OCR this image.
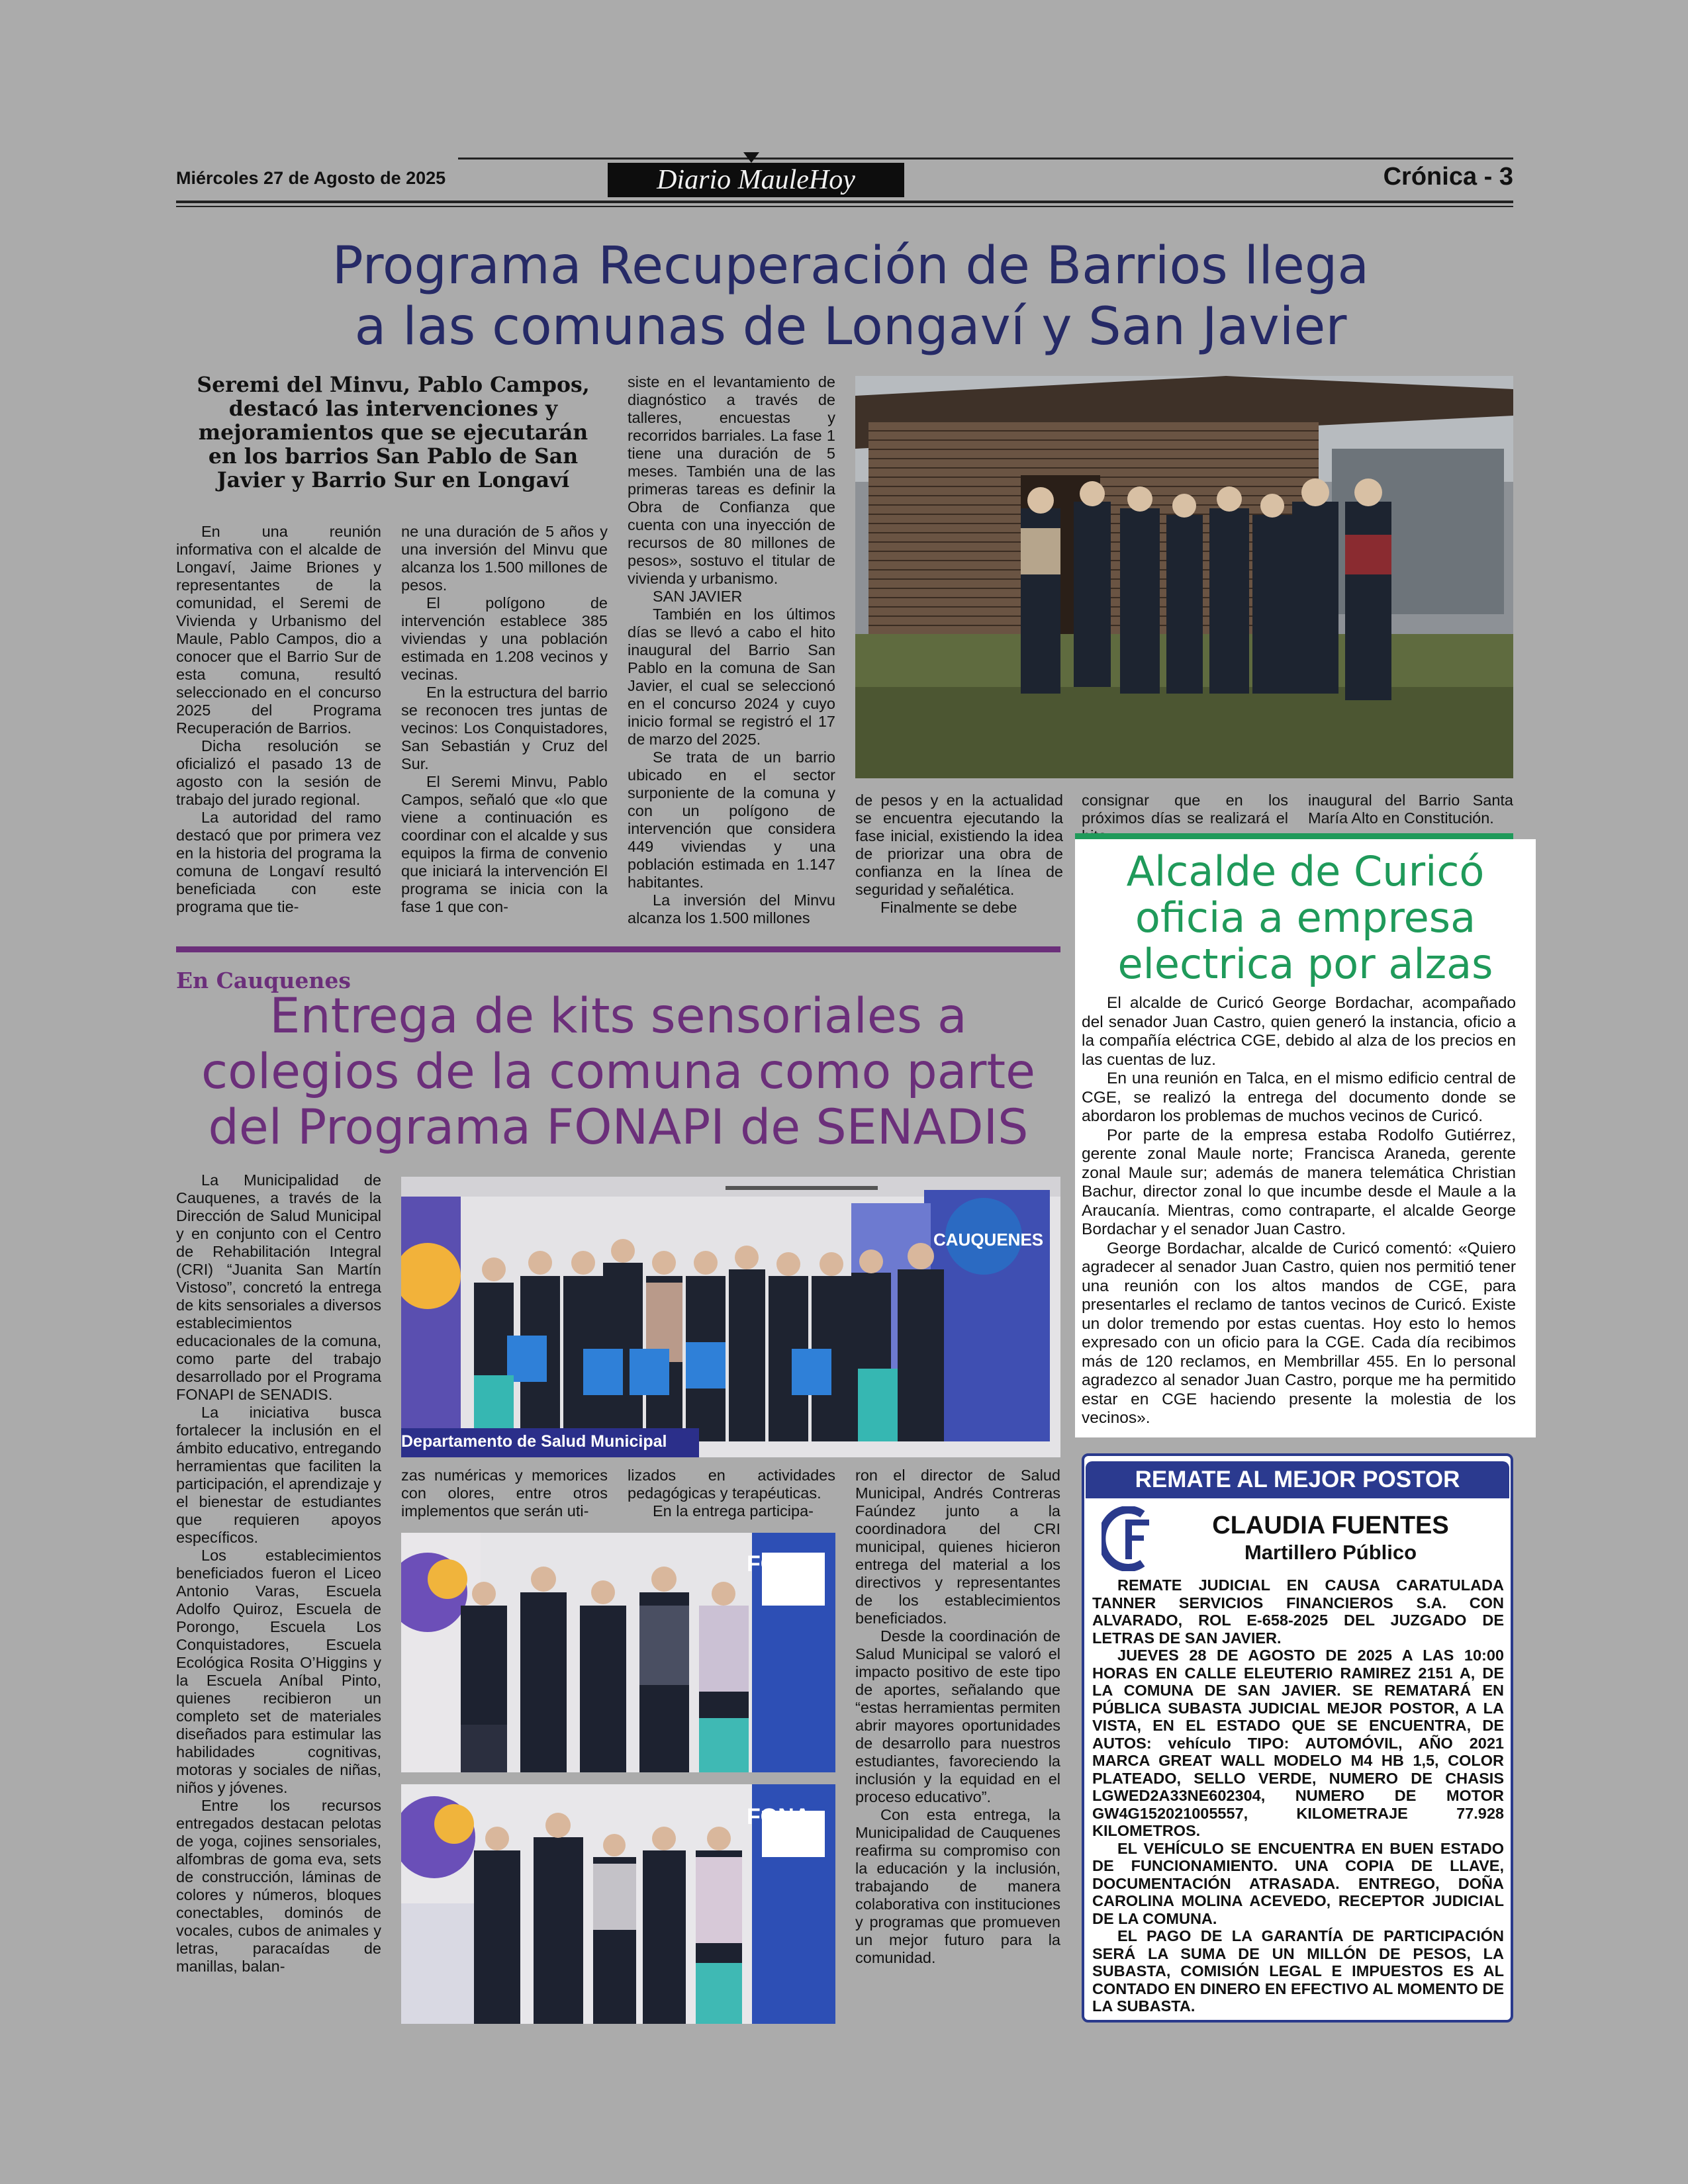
Miércoles 27 de Agosto de 2025	Diario MauleHoy	Crónica - 3
Programa Recuperación de Barrios llega
a las comunas de Longaví y San Javier
Seremi del Minvu, Pablo Campos,
destacó las intervenciones y
mejoramientos que se ejecutarán
en los barrios San Pablo de San
Javier y Barrio Sur en Longaví

En una reunión informativa con el alcalde de Longaví, Jaime Briones y representantes de la comunidad, el Seremi de Vivienda y Urbanismo del Maule, Pablo Campos, dio a conocer que el Barrio Sur de esta comuna, resultó seleccionado en el concurso 2025 del Programa Recuperación de Barrios.

Dicha resolución se oficializó el pasado 13 de agosto con la sesión de trabajo del jurado regional.

La autoridad del ramo destacó que por primera vez en la historia del programa la comuna de Longaví resultó beneficiada con este programa que tie-

ne una duración de 5 años y una inversión del Minvu que alcanza los 1.500 millones de pesos.

El polígono de intervención establece 385 viviendas y una población estimada en 1.208 vecinos y vecinas.

En la estructura del barrio se reconocen tres juntas de vecinos: Los Conquistadores, San Sebastián y Cruz del Sur.

El Seremi Minvu, Pablo Campos, señaló que «lo que viene a continuación es coordinar con el alcalde y sus equipos la firma de convenio que iniciará la intervención El programa se inicia con la fase 1 que con-

siste en el levantamiento de diagnóstico a través de talleres, encuestas y recorridos barriales. La fase 1 tiene una duración de 5 meses. También una de las primeras tareas es definir la Obra de Confianza que cuenta con una inyección de recursos de 80 millones de pesos», sostuvo el titular de vivienda y urbanismo.

SAN JAVIER

También en los últimos días se llevó a cabo el hito inaugural del Barrio San Pablo en la comuna de San Javier, el cual se seleccionó en el concurso 2024 y cuyo inicio formal se registró el 17 de marzo del 2025.

Se trata de un barrio ubicado en el sector surponiente de la comuna y con un polígono de intervención que considera 449 viviendas y una población estimada en 1.147 habitantes.

La inversión del Minvu alcanza los 1.500 millones

de pesos y en la actualidad se encuentra ejecutando la fase inicial, existiendo la idea de priorizar una obra de confianza en la línea de seguridad y señalética.

Finalmente se debe

consignar que en los próximos días se realizará el

inaugural del Barrio Santa María Alto en Constitución.

Alcalde de Curicó
oficia a empresa
electrica por alzas

El alcalde de Curicó George Bordachar, acompañado del senador Juan Castro, quien generó la instancia, oficio a la compañía eléctrica CGE, debido al alza de los precios en las cuentas de luz.

En una reunión en Talca, en el mismo edificio central de CGE, se realizó la entrega del documento donde se abordaron los problemas de muchos vecinos de Curicó.

Por parte de la empresa estaba Rodolfo Gutiérrez, gerente zonal Maule norte; Francisca Araneda, gerente zonal Maule sur; además de manera telemática Christian Bachur, director zonal lo que incumbe desde el Maule a la Araucanía. Mientras, como contraparte, el alcalde George Bordachar y el senador Juan Castro.

George Bordachar, alcalde de Curicó comentó: «Quiero agradecer al senador Juan Castro, quien nos permitió tener una reunión con los altos mandos de CGE, para presentarles el reclamo de tantos vecinos de Curicó. Existe un dolor tremendo por estas cuentas. Hoy esto lo hemos expresado con un oficio para la CGE. Cada día recibimos más de 120 reclamos, en Membrillar 455. En lo personal agradezco al senador Juan Castro, porque me ha permitido estar en CGE haciendo presente la molestia de los vecinos».

En Cauquenes
Entrega de kits sensoriales a
colegios de la comuna como parte
del Programa FONAPI de SENADIS

La Municipalidad de Cauquenes, a través de la Dirección de Salud Municipal y en conjunto con el Centro de Rehabilitación Integral (CRI) “Juanita San Martín Vistoso”, concretó la entrega de kits sensoriales a diversos establecimientos educacionales de la comuna, como parte del trabajo desarrollado por el Programa FONAPI de SENADIS.

La iniciativa busca fortalecer la inclusión en el ámbito educativo, entregando herramientas que faciliten la participación, el aprendizaje y el bienestar de estudiantes que requieren apoyos específicos.

Los establecimientos beneficiados fueron el Liceo Antonio Varas, Escuela Adolfo Quiroz, Escuela de Porongo, Escuela Los Conquistadores, Escuela Ecológica Rosita O’Higgins y la Escuela Aníbal Pinto, quienes recibieron un completo set de materiales diseñados para estimular las habilidades cognitivas, motoras y sociales de niñas, niños y jóvenes.

Entre los recursos entregados destacan pelotas de yoga, cojines sensoriales, alfombras de goma eva, sets de construcción, láminas de colores y números, bloques conectables, dominós de vocales, cubos de animales y letras, paracaídas de manillas, balan-

Departamento de Salud Municipal
CAUQUENES

zas numéricas y memorices con olores, entre otros implementos que serán uti-

lizados en actividades pedagógicas y terapéuticas.

En la entrega participa-

FONA
FONA

ron el director de Salud Municipal, Andrés Contreras Faúndez junto a la coordinadora del CRI municipal, quienes hicieron entrega del material a los directivos y representantes de los establecimientos beneficiados.

Desde la coordinación de Salud Municipal se valoró el impacto positivo de este tipo de aportes, señalando que “estas herramientas permiten abrir mayores oportunidades de desarrollo para nuestros estudiantes, favoreciendo la inclusión y la equidad en el proceso educativo”.

Con esta entrega, la Municipalidad de Cauquenes reafirma su compromiso con la educación y la inclusión, trabajando de manera colaborativa con instituciones y programas que promueven un mejor futuro para la comunidad.

REMATE AL MEJOR POSTOR
CLAUDIA FUENTES
Martillero Público

REMATE JUDICIAL EN CAUSA CARATULADA TANNER SERVICIOS FINANCIEROS S.A. CON ALVARADO, ROL E-658-2025 DEL JUZGADO DE LETRAS DE SAN JAVIER.

JUEVES 28 DE AGOSTO DE 2025 A LAS 10:00 HORAS EN CALLE ELEUTERIO RAMIREZ 2151 A, DE LA COMUNA DE SAN JAVIER. SE REMATARÁ EN PÚBLICA SUBASTA JUDICIAL MEJOR POSTOR, A LA VISTA, EN EL ESTADO QUE SE ENCUENTRA, DE AUTOS: vehículo TIPO: AUTOMÓVIL, AÑO 2021 MARCA GREAT WALL MODELO M4 HB 1,5, COLOR PLATEADO, SELLO VERDE, NUMERO DE CHASIS LGWED2A33NE602304, NUMERO DE MOTOR GW4G152021005557, KILOMETRAJE 77.928 KILOMETROS.

EL VEHÍCULO SE ENCUENTRA EN BUEN ESTADO DE FUNCIONAMIENTO. UNA COPIA DE LLAVE, DOCUMENTACIÓN ATRASADA. ENTREGO, DOÑA CAROLINA MOLINA ACEVEDO, RECEPTOR JUDICIAL DE LA COMUNA.

EL PAGO DE LA GARANTÍA DE PARTICIPACIÓN SERÁ LA SUMA DE UN MILLÓN DE PESOS, LA SUBASTA, COMISIÓN LEGAL E IMPUESTOS ES AL CONTADO EN DINERO EN EFECTIVO AL MOMENTO DE LA SUBASTA.
